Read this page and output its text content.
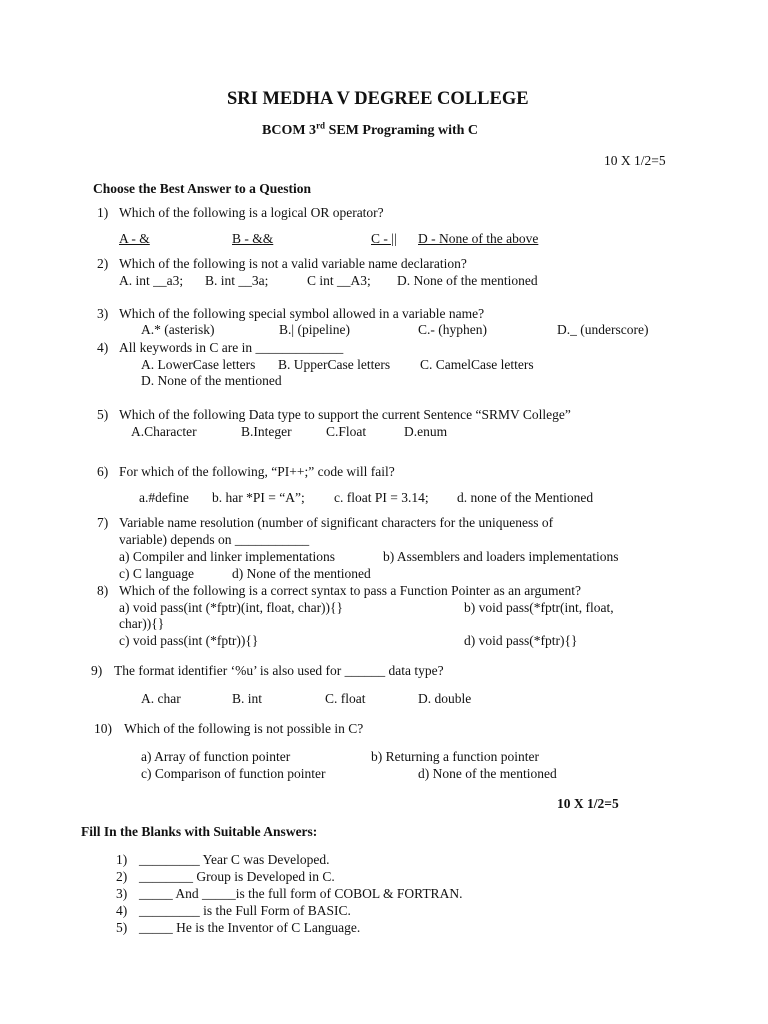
SRI MEDHA V DEGREE COLLEGE
BCOM 3rd SEM Programing with C
10 X 1/2=5
Choose the Best Answer to a Question
1) Which of the following is a logical OR operator?
A - &	B - &&	C - || D - None of the above
2) Which of the following is not a valid variable name declaration?
A. int __a3; B. int __3a;	C int __A3; D. None of the mentioned
3) Which of the following special symbol allowed in a variable name?
A.* (asterisk)	B.| (pipeline)	C.- (hyphen)	D._ (underscore)
4) All keywords in C are in _____________
A. LowerCase letters B. UpperCase letters C. CamelCase letters
D. None of the mentioned
5) Which of the following Data type to support the current Sentence “SRMV College”
A.Character	B.Integer	C.Float	D.enum
6) For which of the following, “PI++;” code will fail?
a.#define b. har *PI = “A”; c. float PI = 3.14; d. none of the Mentioned
7) Variable name resolution (number of significant characters for the uniqueness of
variable) depends on ___________
a) Compiler and linker implementations	b) Assemblers and loaders implementations
c) C language	d) None of the mentioned
8) Which of the following is a correct syntax to pass a Function Pointer as an argument?
a) void pass(int (*fptr)(int, float, char)){}	b) void pass(*fptr(int, float,
char)){}
c) void pass(int (*fptr)){}	d) void pass(*fptr){}
9) The format identifier ‘%u’ is also used for ______ data type?
A. char	B. int	C. float	D. double
10) Which of the following is not possible in C?
a) Array of function pointer	b) Returning a function pointer
c) Comparison of function pointer	d) None of the mentioned
10 X 1/2=5
Fill In the Blanks with Suitable Answers:
1) _________ Year C was Developed.
2) ________ Group is Developed in C.
3) _____ And _____is the full form of COBOL & FORTRAN.
4) _________ is the Full Form of BASIC.
5) _____ He is the Inventor of C Language.
